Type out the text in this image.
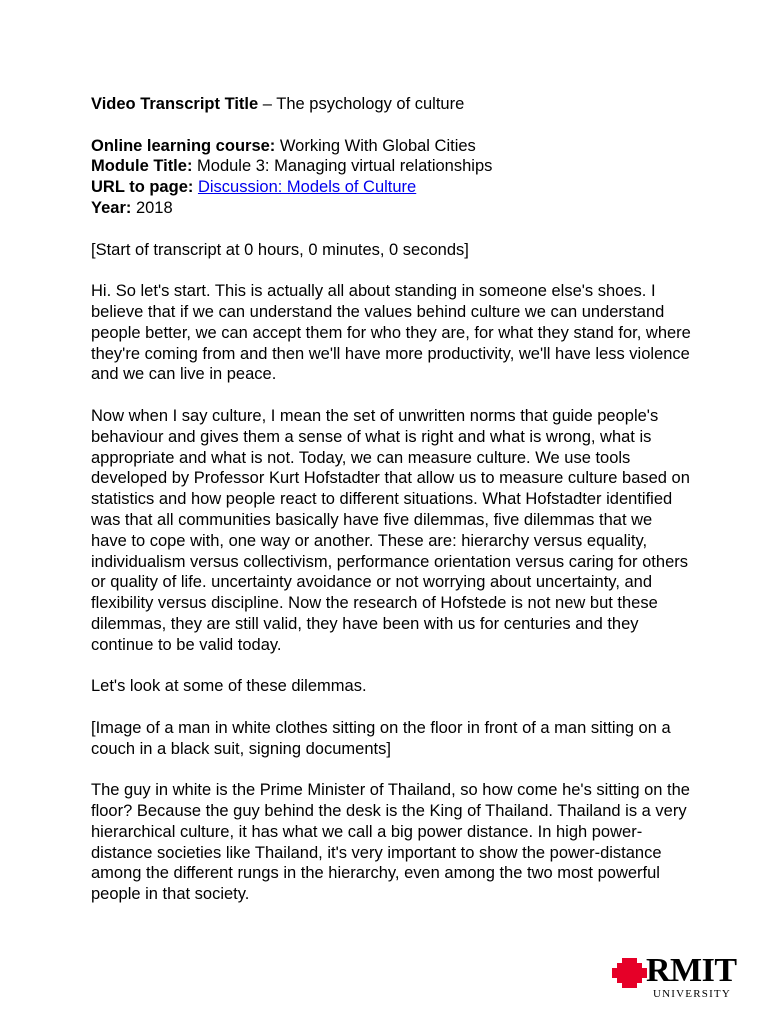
Video Transcript Title – The psychology of culture
Online learning course: Working With Global Cities
Module Title: Module 3: Managing virtual relationships
URL to page: Discussion: Models of Culture
Year: 2018

[Start of transcript at 0 hours, 0 minutes, 0 seconds]

Hi. So let's start. This is actually all about standing in someone else's shoes. I believe that if we can understand the values behind culture we can understand people better, we can accept them for who they are, for what they stand for, where they're coming from and then we'll have more productivity, we'll have less violence and we can live in peace.

Now when I say culture, I mean the set of unwritten norms that guide people's behaviour and gives them a sense of what is right and what is wrong, what is appropriate and what is not. Today, we can measure culture. We use tools developed by Professor Kurt Hofstadter that allow us to measure culture based on statistics and how people react to different situations. What Hofstadter identified was that all communities basically have five dilemmas, five dilemmas that we have to cope with, one way or another. These are: hierarchy versus equality, individualism versus collectivism, performance orientation versus caring for others or quality of life. uncertainty avoidance or not worrying about uncertainty, and flexibility versus discipline. Now the research of Hofstede is not new but these dilemmas, they are still valid, they have been with us for centuries and they continue to be valid today.

Let's look at some of these dilemmas.

[Image of a man in white clothes sitting on the floor in front of a man sitting on a couch in a black suit, signing documents]

The guy in white is the Prime Minister of Thailand, so how come he's sitting on the floor? Because the guy behind the desk is the King of Thailand. Thailand is a very hierarchical culture, it has what we call a big power distance. In high power-distance societies like Thailand, it's very important to show the power-distance among the different rungs in the hierarchy, even among the two most powerful people in that society.

RMIT
UNIVERSITY
